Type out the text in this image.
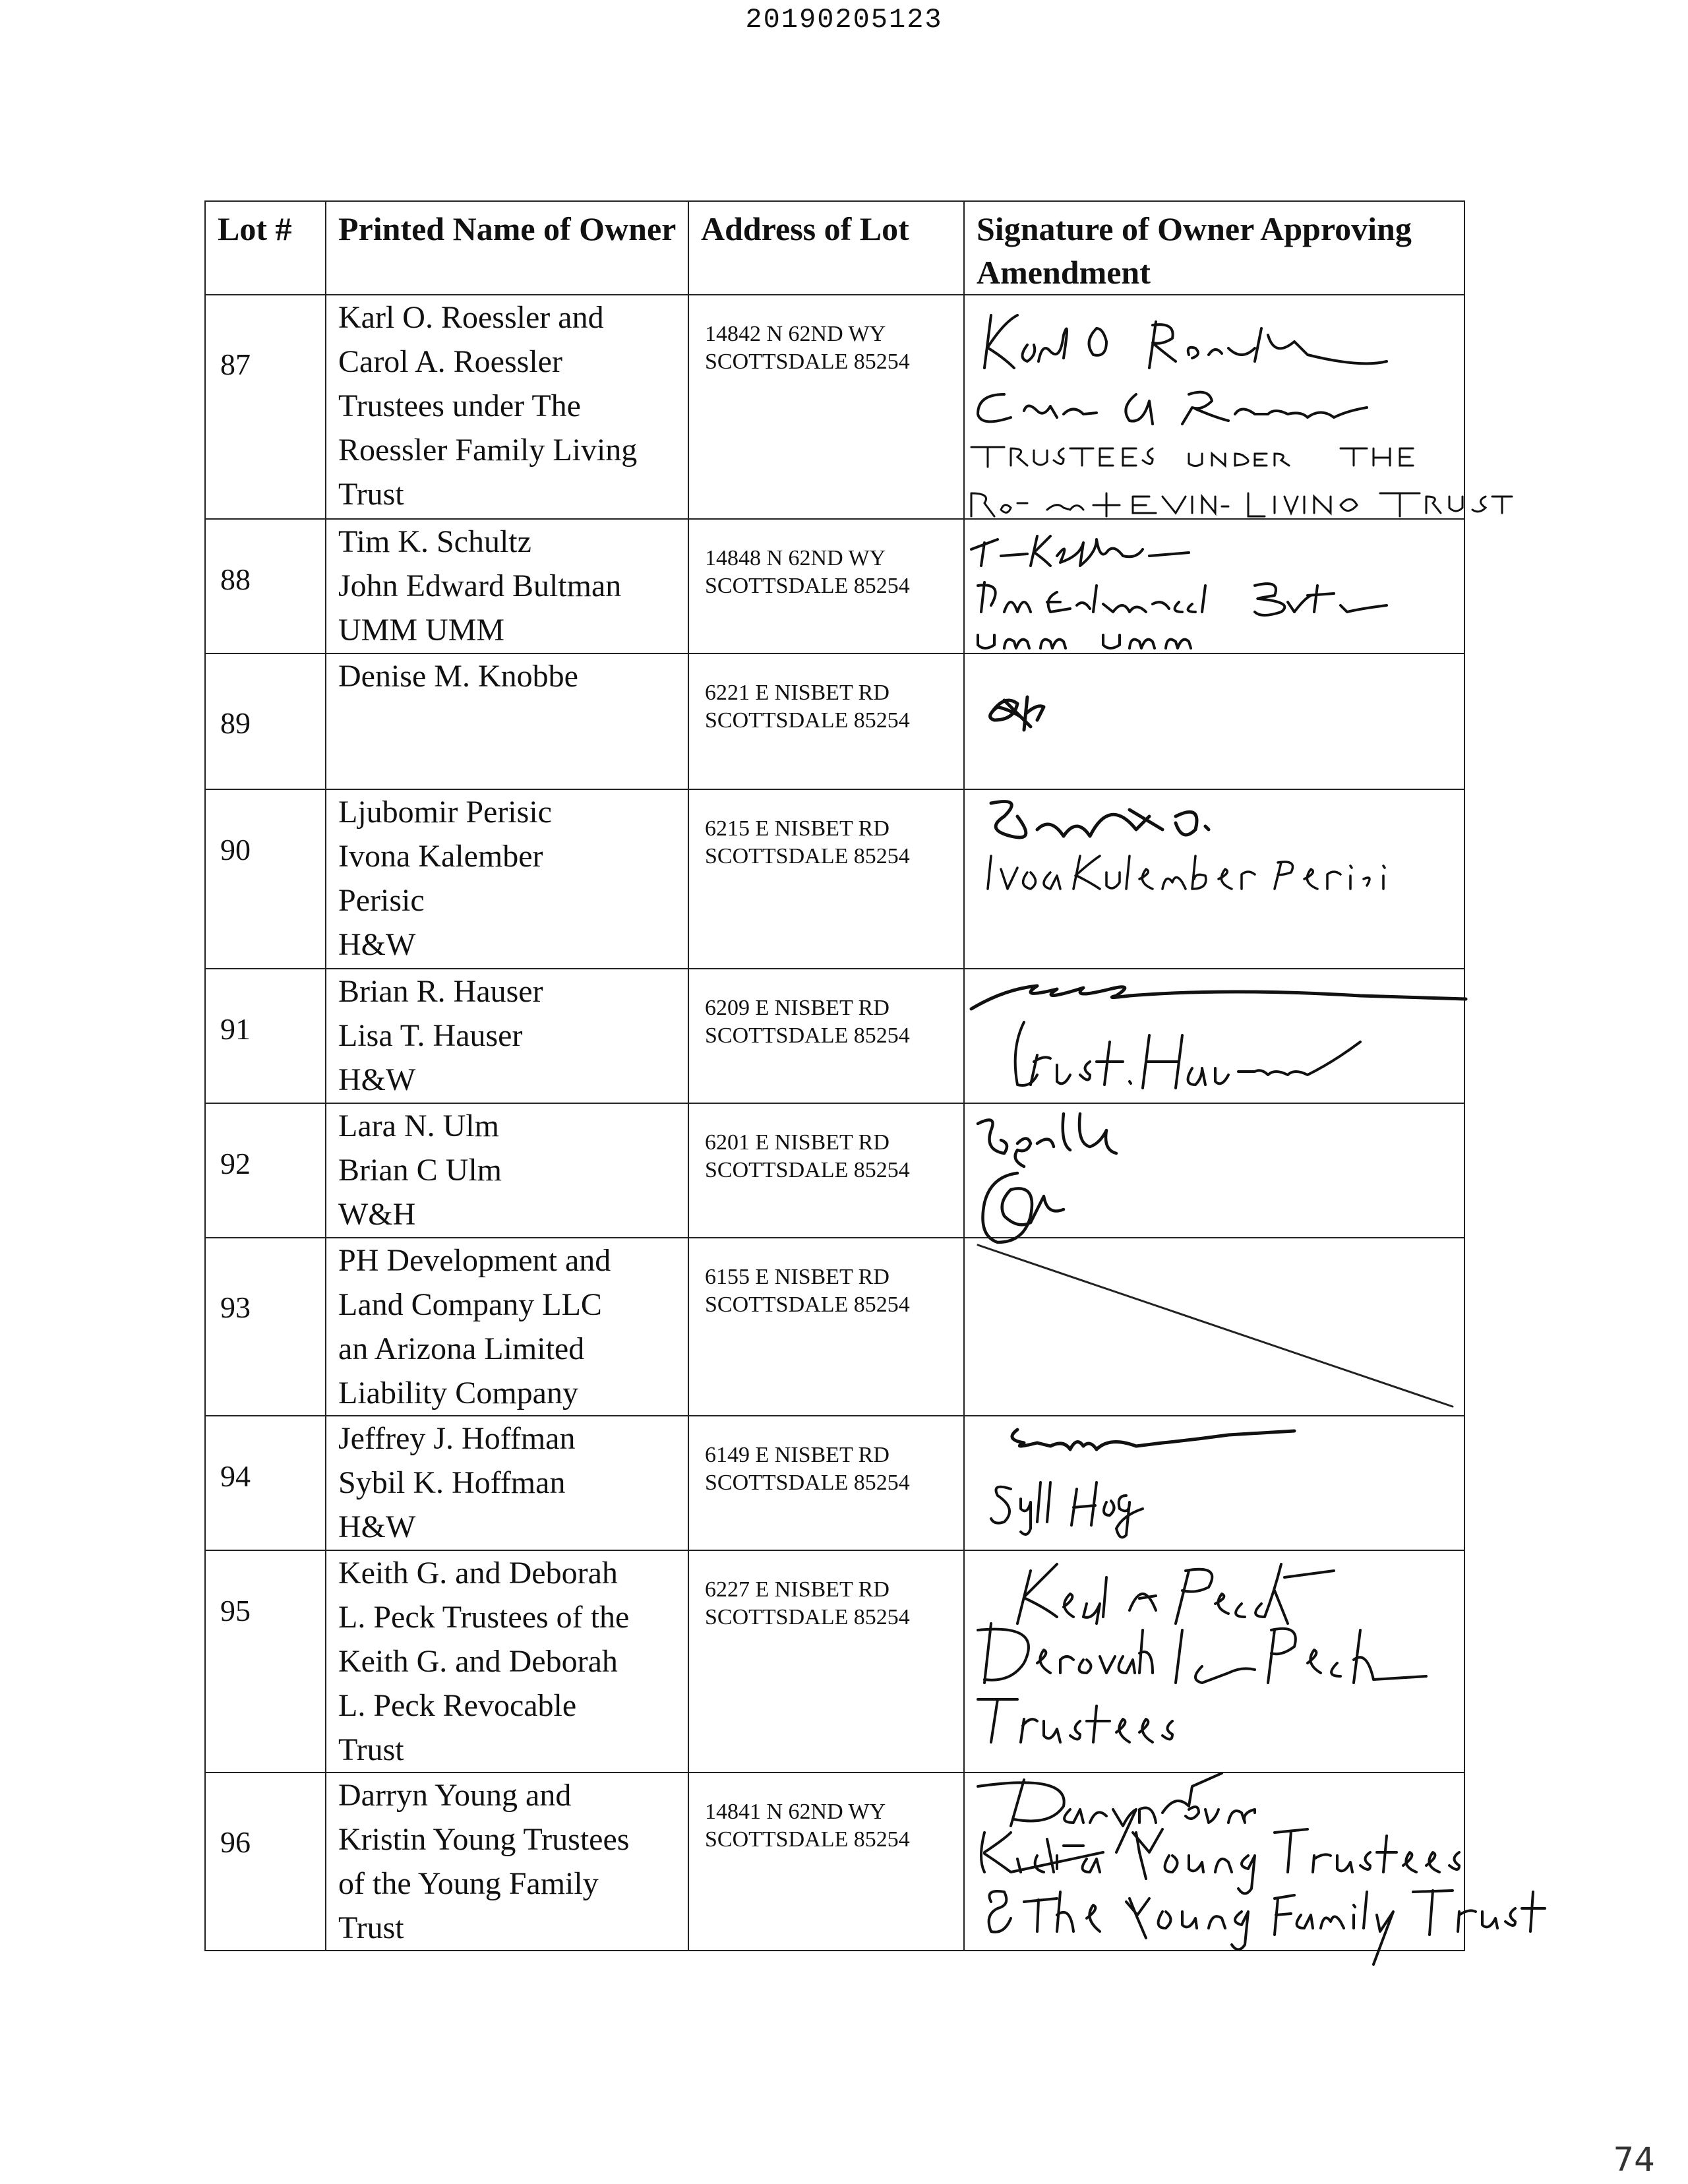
20190205123
Lot #	Printed Name of Owner	Address of Lot	Signature of Owner Approving Amendment

87	Karl O. Roessler and
Carol A. Roessler
Trustees under The
Roessler Family Living
Trust	14842 N 62ND WY
SCOTTSDALE 85254

88	Tim K. Schultz
John Edward Bultman
UMM UMM	14848 N 62ND WY
SCOTTSDALE 85254

89	Denise M. Knobbe	6221 E NISBET RD
SCOTTSDALE 85254

90	Ljubomir Perisic
Ivona Kalember
Perisic
H&W	6215 E NISBET RD
SCOTTSDALE 85254

91	Brian R. Hauser
Lisa T. Hauser
H&W	6209 E NISBET RD
SCOTTSDALE 85254

92	Lara N. Ulm
Brian C Ulm
W&H	6201 E NISBET RD
SCOTTSDALE 85254

93	PH Development and
Land Company LLC
an Arizona Limited
Liability Company	6155 E NISBET RD
SCOTTSDALE 85254

94	Jeffrey J. Hoffman
Sybil K. Hoffman
H&W	6149 E NISBET RD
SCOTTSDALE 85254

95	Keith G. and Deborah
L. Peck Trustees of the
Keith G. and Deborah
L. Peck Revocable
Trust	6227 E NISBET RD
SCOTTSDALE 85254

96	Darryn Young and
Kristin Young Trustees
of the Young Family
Trust	14841 N 62ND WY
SCOTTSDALE 85254

74
